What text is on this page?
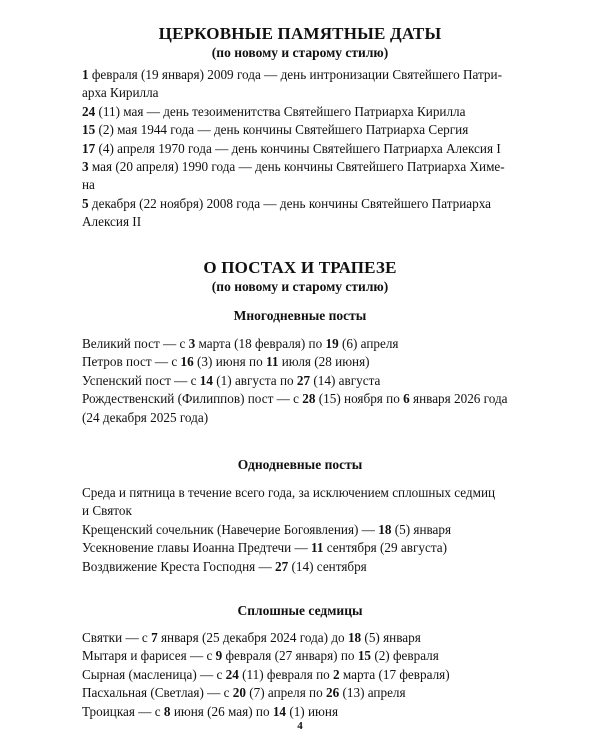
ЦЕРКОВНЫЕ ПАМЯТНЫЕ ДАТЫ
(по новому и старому стилю)
1 февраля (19 января) 2009 года — день интронизации Святейшего Патри-
арха Кирилла
24 (11) мая — день тезоименитства Святейшего Патриарха Кирилла
15 (2) мая 1944 года — день кончины Святейшего Патриарха Сергия
17 (4) апреля 1970 года — день кончины Святейшего Патриарха Алексия I
3 мая (20 апреля) 1990 года — день кончины Святейшего Патриарха Химе-
на
5 декабря (22 ноября) 2008 года — день кончины Святейшего Патриарха
Алексия II
О ПОСТАХ И ТРАПЕЗЕ
(по новому и старому стилю)
Многодневные посты
Великий пост — с 3 марта (18 февраля) по 19 (6) апреля
Петров пост — с 16 (3) июня по 11 июля (28 июня)
Успенский пост — с 14 (1) августа по 27 (14) августа
Рождественский (Филиппов) пост — с 28 (15) ноября по 6 января 2026 года
(24 декабря 2025 года)
Однодневные посты
Среда и пятница в течение всего года, за исключением сплошных седмиц
и Святок
Крещенский сочельник (Навечерие Богоявления) — 18 (5) января
Усекновение главы Иоанна Предтечи — 11 сентября (29 августа)
Воздвижение Креста Господня — 27 (14) сентября
Сплошные седмицы
Святки — с 7 января (25 декабря 2024 года) до 18 (5) января
Мытаря и фарисея — с 9 февраля (27 января) по 15 (2) февраля
Сырная (масленица) — с 24 (11) февраля по 2 марта (17 февраля)
Пасхальная (Светлая) — с 20 (7) апреля по 26 (13) апреля
Троицкая — с 8 июня (26 мая) по 14 (1) июня
4
